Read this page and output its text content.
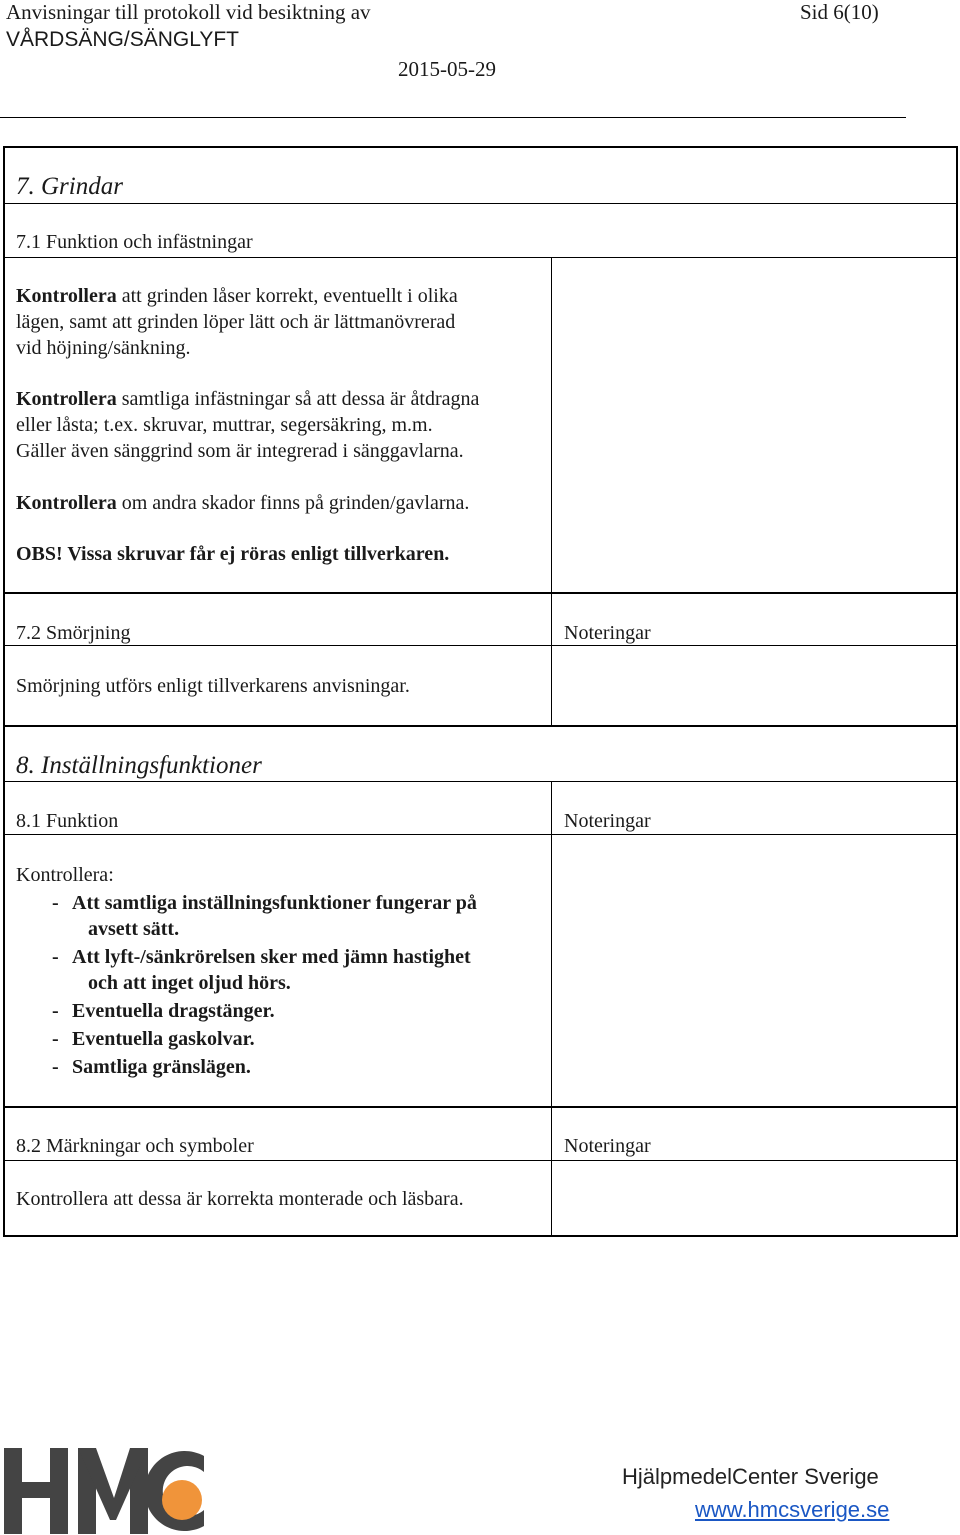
Anvisningar till protokoll vid besiktning av
VÅRDSÄNG/SÄNGLYFT
Sid 6(10)
2015-05-29
7. Grindar
7.1 Funktion och infästningar
Kontrollera att grinden låser korrekt, eventuellt i olika
lägen, samt att grinden löper lätt och är lättmanövrerad
vid höjning/sänkning.
Kontrollera samtliga infästningar så att dessa är åtdragna
eller låsta; t.ex. skruvar, muttrar, segersäkring, m.m.
Gäller även sänggrind som är integrerad i sänggavlarna.
Kontrollera om andra skador finns på grinden/gavlarna.
OBS! Vissa skruvar får ej röras enligt tillverkaren.
7.2 Smörjning	Noteringar
Smörjning utförs enligt tillverkarens anvisningar.
8. Inställningsfunktioner
8.1 Funktion	Noteringar
Kontrollera:
- Att samtliga inställningsfunktioner fungerar på
avsett sätt.
- Att lyft-/sänkrörelsen sker med jämn hastighet
och att inget oljud hörs.
- Eventuella dragstänger.
- Eventuella gaskolvar.
- Samtliga gränslägen.
8.2 Märkningar och symboler	Noteringar
Kontrollera att dessa är korrekta monterade och läsbara.
HjälpmedelCenter Sverige
www.hmcsverige.se
